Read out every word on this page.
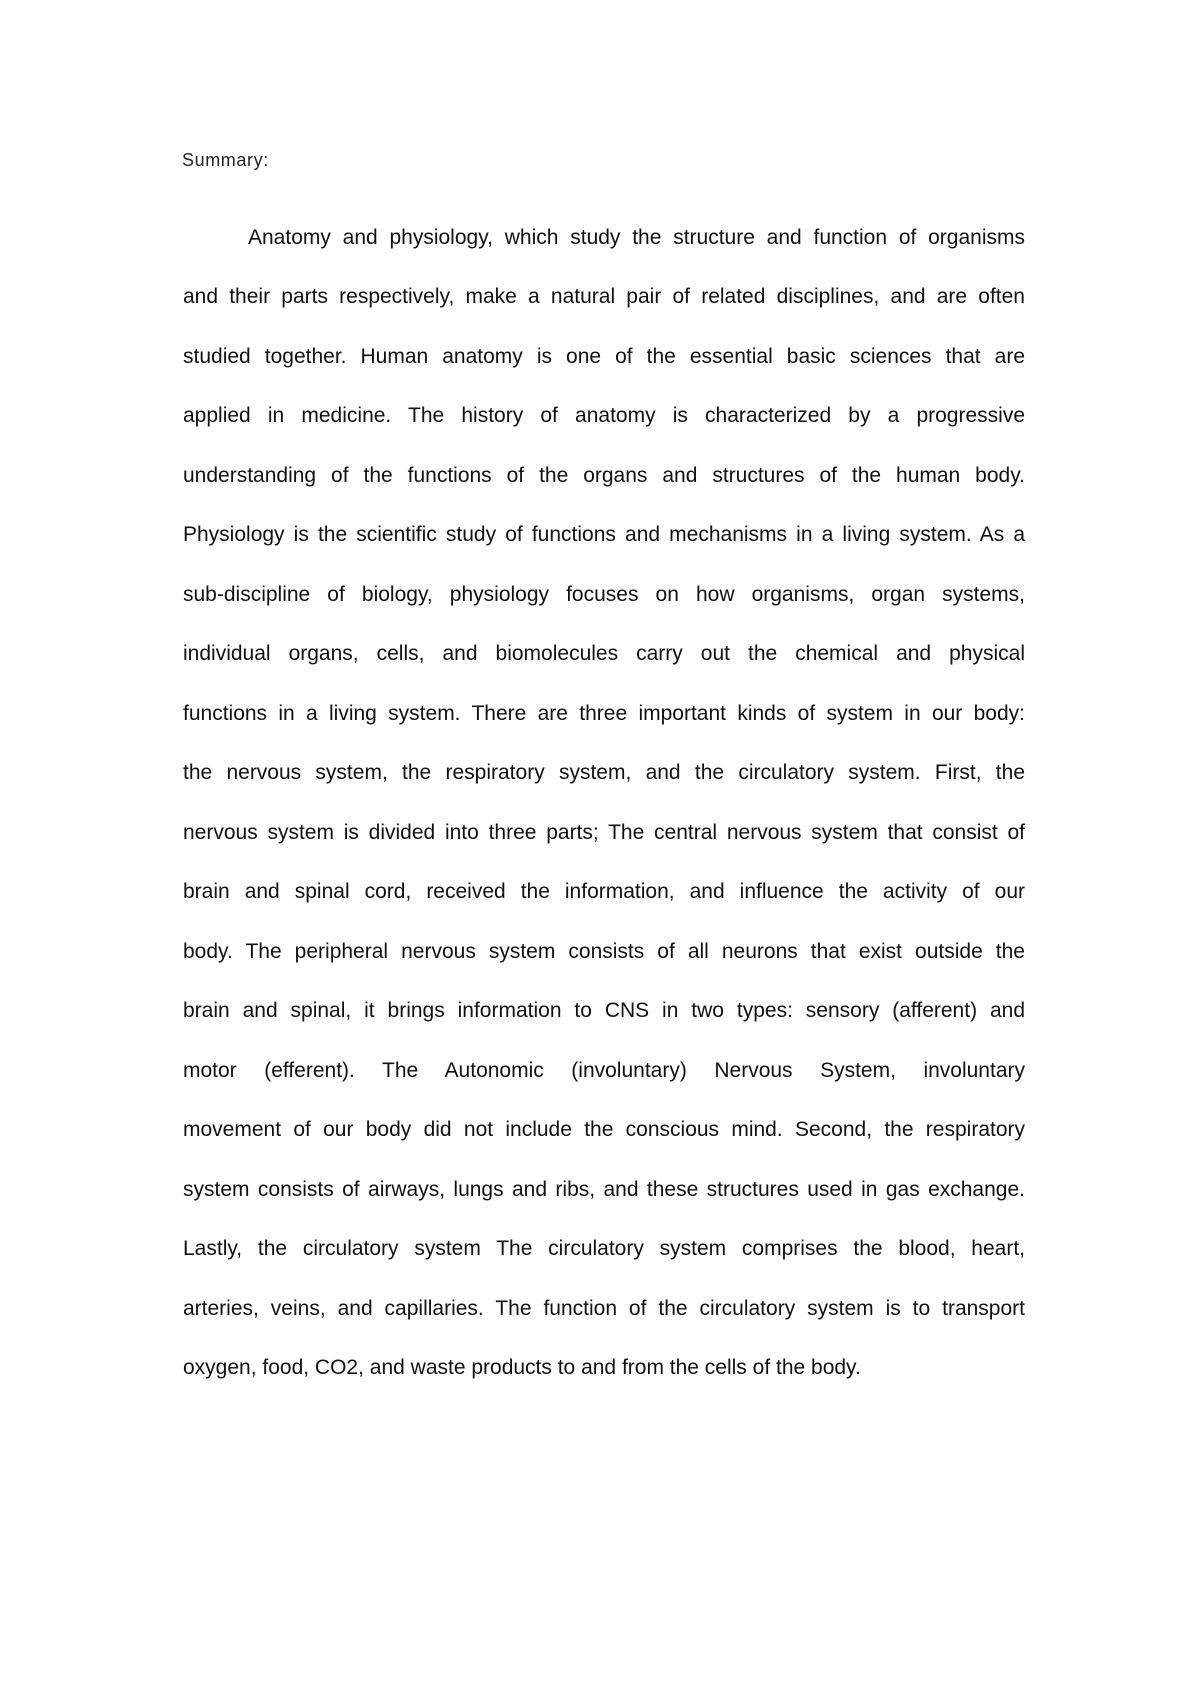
Summary:

Anatomy and physiology, which study the structure and function of organisms
and their parts respectively, make a natural pair of related disciplines, and are often
studied together. Human anatomy is one of the essential basic sciences that are
applied in medicine. The history of anatomy is characterized by a progressive
understanding of the functions of the organs and structures of the human body.
Physiology is the scientific study of functions and mechanisms in a living system. As a
sub-discipline of biology, physiology focuses on how organisms, organ systems,
individual organs, cells, and biomolecules carry out the chemical and physical
functions in a living system. There are three important kinds of system in our body:
the nervous system, the respiratory system, and the circulatory system. First, the
nervous system is divided into three parts; The central nervous system that consist of
brain and spinal cord, received the information, and influence the activity of our
body. The peripheral nervous system consists of all neurons that exist outside the
brain and spinal, it brings information to CNS in two types: sensory (afferent) and
motor (efferent). The Autonomic (involuntary) Nervous System, involuntary
movement of our body did not include the conscious mind. Second, the respiratory
system consists of airways, lungs and ribs, and these structures used in gas exchange.
Lastly, the circulatory system The circulatory system comprises the blood, heart,
arteries, veins, and capillaries. The function of the circulatory system is to transport
oxygen, food, CO2, and waste products to and from the cells of the body.
